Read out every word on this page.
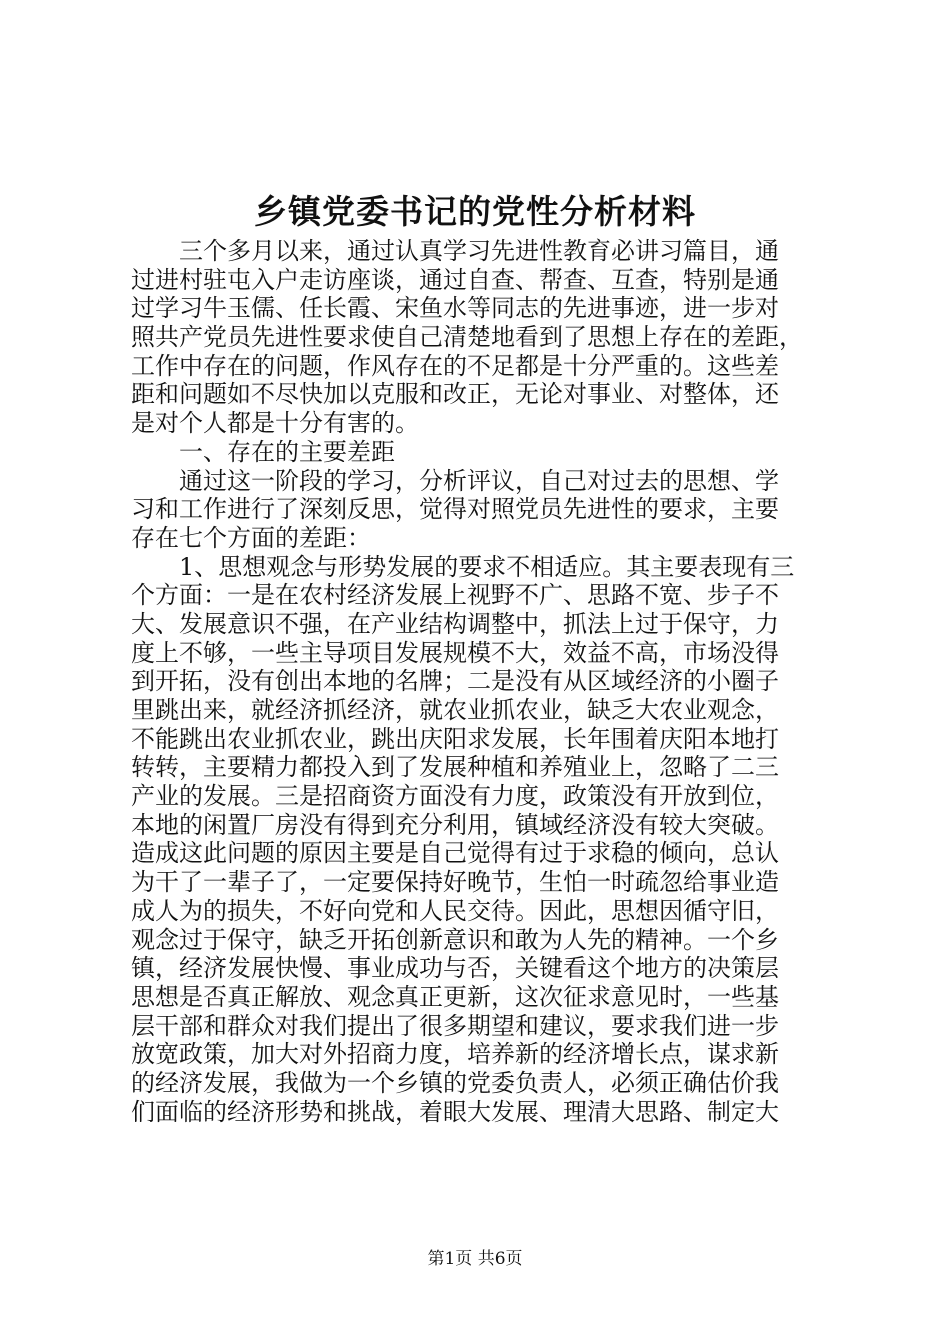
乡镇党委书记的党性分析材料
　　三个多月以来，通过认真学习先进性教育必讲习篇目，通
过进村驻屯入户走访座谈，通过自查、帮查、互查，特别是通
过学习牛玉儒、任长霞、宋鱼水等同志的先进事迹，进一步对
照共产党员先进性要求使自己清楚地看到了思想上存在的差距，
工作中存在的问题，作风存在的不足都是十分严重的。这些差
距和问题如不尽快加以克服和改正，无论对事业、对整体，还
是对个人都是十分有害的。
　　一、存在的主要差距
　　通过这一阶段的学习，分析评议，自己对过去的思想、学
习和工作进行了深刻反思，觉得对照党员先进性的要求，主要
存在七个方面的差距：
　　1、思想观念与形势发展的要求不相适应。其主要表现有三
个方面：一是在农村经济发展上视野不广、思路不宽、步子不
大、发展意识不强，在产业结构调整中，抓法上过于保守，力
度上不够，一些主导项目发展规模不大，效益不高，市场没得
到开拓，没有创出本地的名牌；二是没有从区域经济的小圈子
里跳出来，就经济抓经济，就农业抓农业，缺乏大农业观念，
不能跳出农业抓农业，跳出庆阳求发展，长年围着庆阳本地打
转转，主要精力都投入到了发展种植和养殖业上，忽略了二三
产业的发展。三是招商资方面没有力度，政策没有开放到位，
本地的闲置厂房没有得到充分利用，镇域经济没有较大突破。
造成这此问题的原因主要是自己觉得有过于求稳的倾向，总认
为干了一辈子了，一定要保持好晚节，生怕一时疏忽给事业造
成人为的损失，不好向党和人民交待。因此，思想因循守旧，
观念过于保守，缺乏开拓创新意识和敢为人先的精神。一个乡
镇，经济发展快慢、事业成功与否，关键看这个地方的决策层
思想是否真正解放、观念真正更新，这次征求意见时，一些基
层干部和群众对我们提出了很多期望和建议，要求我们进一步
放宽政策，加大对外招商力度，培养新的经济增长点，谋求新
的经济发展，我做为一个乡镇的党委负责人，必须正确估价我
们面临的经济形势和挑战，着眼大发展、理清大思路、制定大
第1页 共6页
